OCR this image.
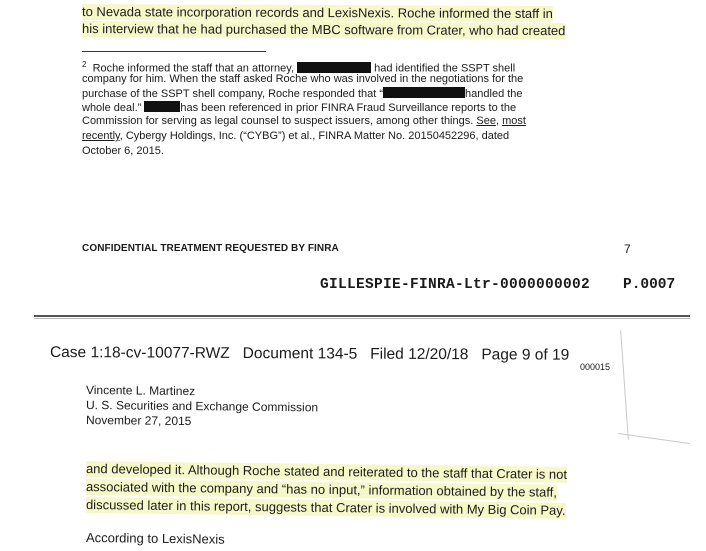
to Nevada state incorporation records and LexisNexis. Roche informed the staff in
his interview that he had purchased the MBC software from Crater, who had created
$^2$ Roche informed the staff that an attorney,	had identified the SSPT shell
company for him. When the staff asked Roche who was involved in the negotiations for the
purchase of the SSPT shell company, Roche responded that “	handled the
whole deal.”	has been referenced in prior FINRA Fraud Surveillance reports to the
Commission for serving as legal counsel to suspect issuers, among other things. See, most
recently, Cybergy Holdings, Inc. (“CYBG”) et al., FINRA Matter No. 20150452296, dated
October 6, 2015.
CONFIDENTIAL TREATMENT REQUESTED BY FINRA	7
GILLESPIE-FINRA-Ltr-0000000002 P.0007
Case 1:18-cv-10077-RWZ Document 134-5 Filed 12/20/18 Page 9 of 19
000015
Vincente L. Martinez
U. S. Securities and Exchange Commission
November 27, 2015
and developed it. Although Roche stated and reiterated to the staff that Crater is not
associated with the company and “has no input,” information obtained by the staff,
discussed later in this report, suggests that Crater is involved with My Big Coin Pay.
According to LexisNexis
